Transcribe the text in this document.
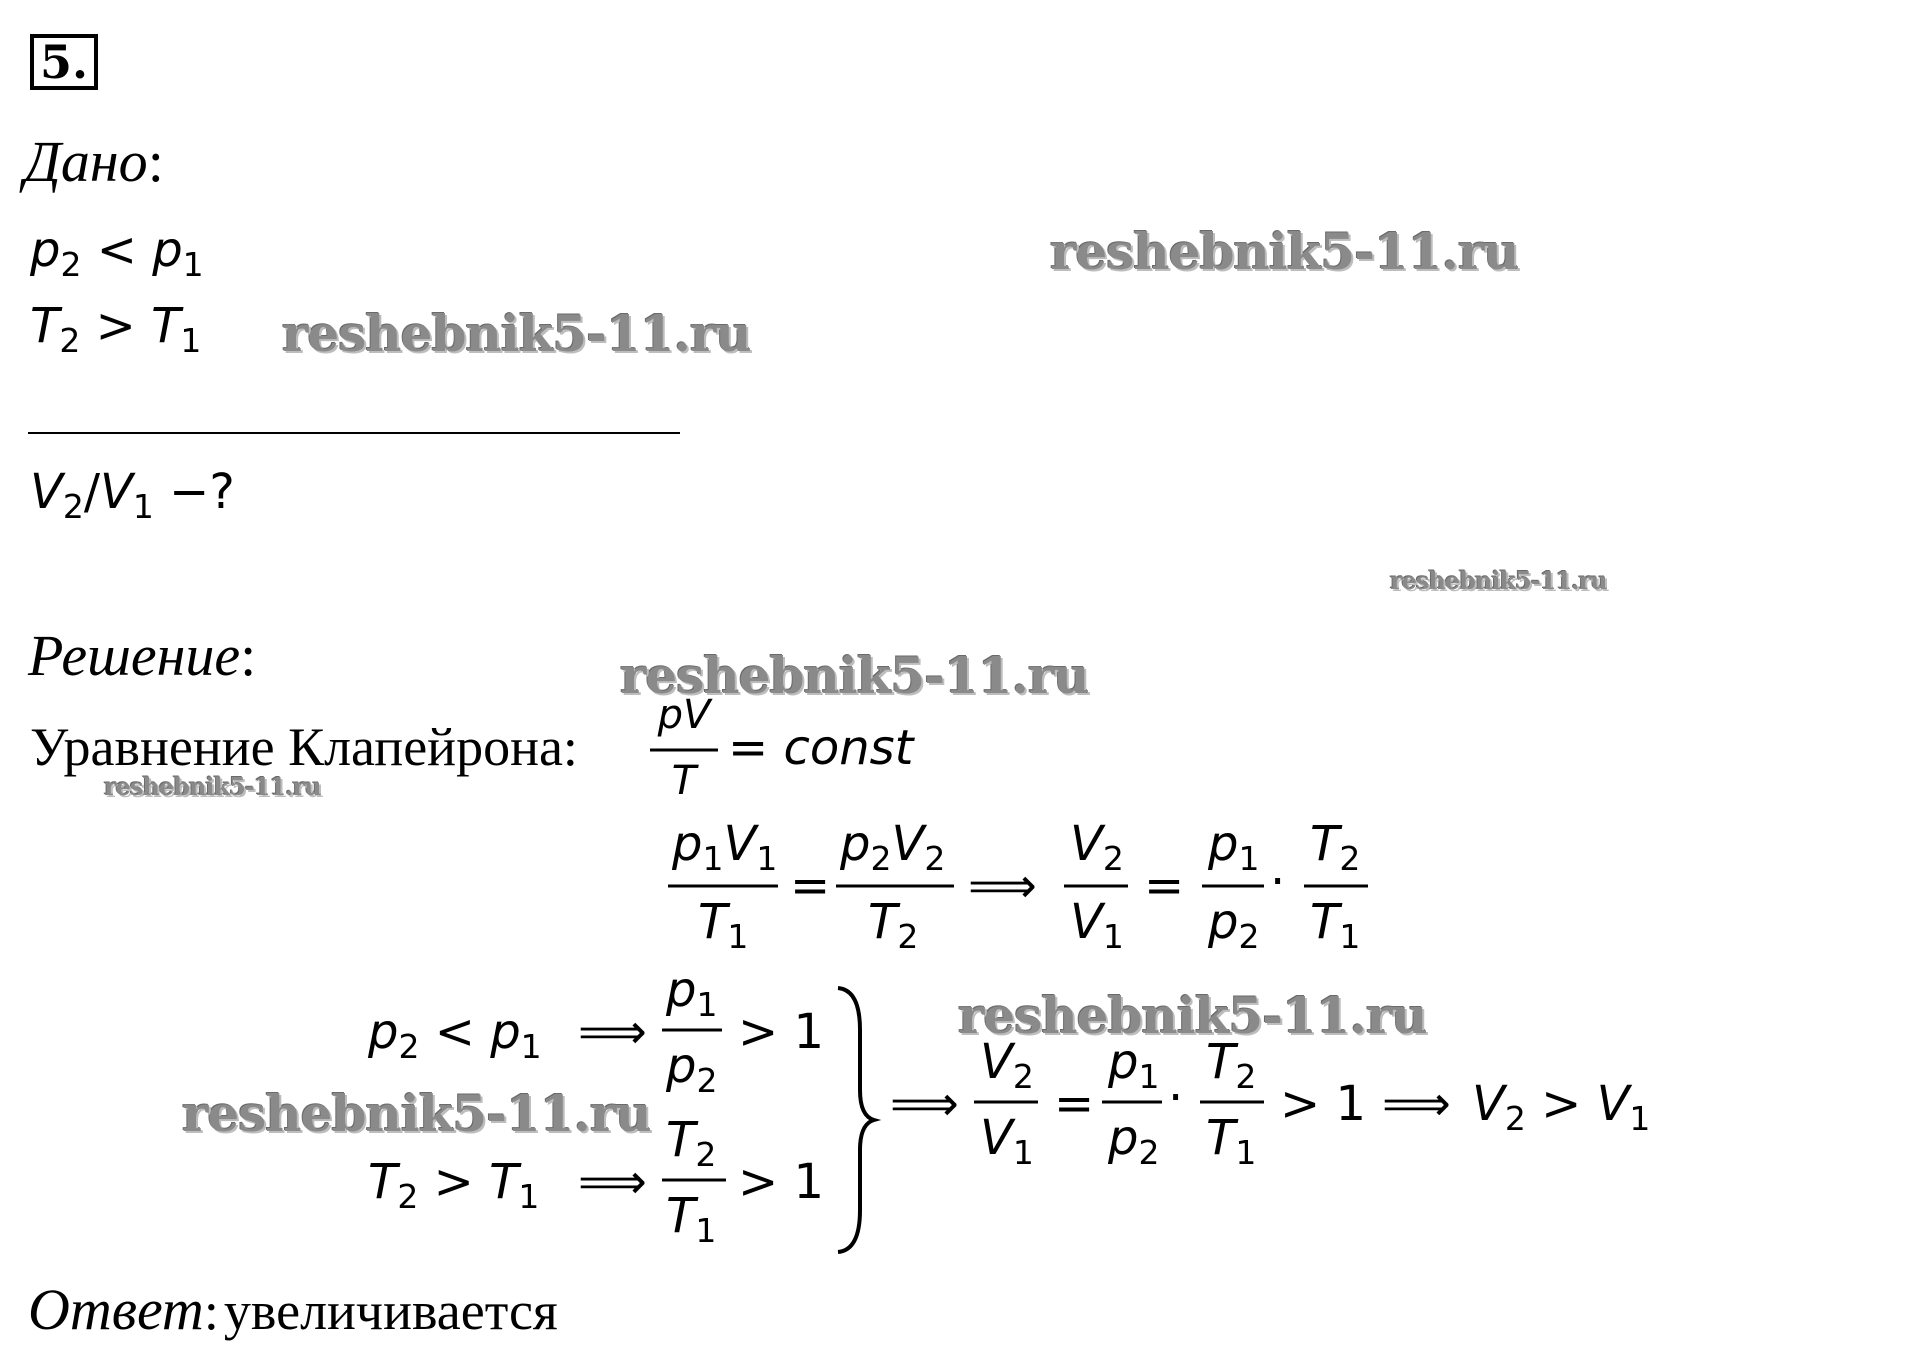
5.
Дано:
$p_2 < p_1$
$T_2 > T_1$
$V_2/V_1$ −?
Решение:
Уравнение Клапейрона:
pV
T
= const
$p_1V_1$
$T_1$
=
$p_2V_2$
$T_2$
⟹
$V_2$
$V_1$
=
$p_1$
$p_2$
·
$T_2$
$T_1$
$p_2 < p_1$ ⟹
$p_1$
$p_2$
> 1
$T_2 > T_1$ ⟹
$T_2$
$T_1$
> 1
⟹
$V_2$
$V_1$
=
$p_1$
$p_2$
·
$T_2$
$T_1$
> 1 ⟹ $V_2 > V_1$
Ответ: увеличивается
reshebnik5-11.ru
reshebnik5-11.ru
reshebnik5-11.ru
reshebnik5-11.ru
reshebnik5-11.ru
reshebnik5-11.ru
reshebnik5-11.ru
